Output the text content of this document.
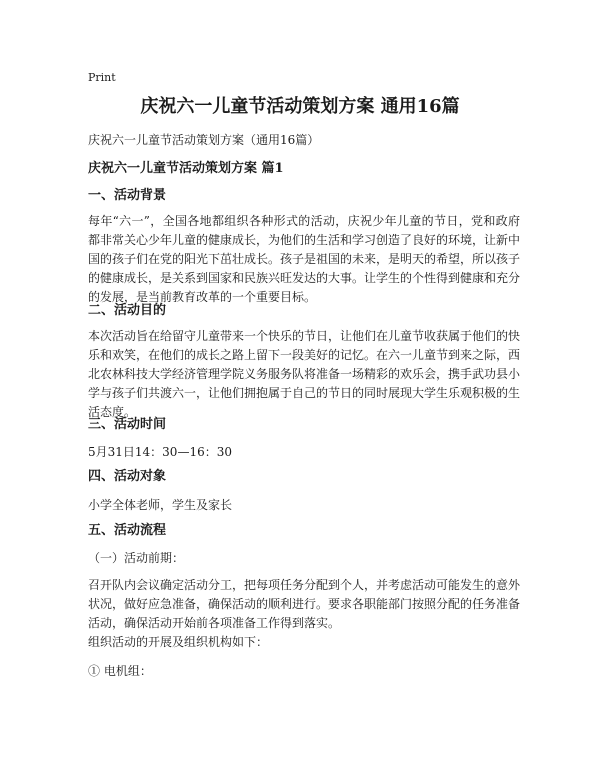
Print
庆祝六一儿童节活动策划方案 通用16篇

庆祝六一儿童节活动策划方案（通用16篇）

庆祝六一儿童节活动策划方案 篇1

一、活动背景

每年“六一”，全国各地都组织各种形式的活动，庆祝少年儿童的节日，党和政府都非常关心少年儿童的健康成长，为他们的生活和学习创造了良好的环境，让新中国的孩子们在党的阳光下茁壮成长。孩子是祖国的未来，是明天的希望，所以孩子的健康成长，是关系到国家和民族兴旺发达的大事。让学生的个性得到健康和充分的发展，是当前教育改革的一个重要目标。

二、活动目的

本次活动旨在给留守儿童带来一个快乐的节日，让他们在儿童节收获属于他们的快乐和欢笑，在他们的成长之路上留下一段美好的记忆。在六一儿童节到来之际，西北农林科技大学经济管理学院义务服务队将准备一场精彩的欢乐会，携手武功县小学与孩子们共渡六一，让他们拥抱属于自己的节日的同时展现大学生乐观积极的生活态度。

三、活动时间

5月31日14：30—16：30

四、活动对象

小学全体老师，学生及家长

五、活动流程

（一）活动前期：

召开队内会议确定活动分工，把每项任务分配到个人，并考虑活动可能发生的意外状况，做好应急准备，确保活动的顺利进行。要求各职能部门按照分配的任务准备活动，确保活动开始前各项准备工作得到落实。

组织活动的开展及组织机构如下：

① 电机组：
